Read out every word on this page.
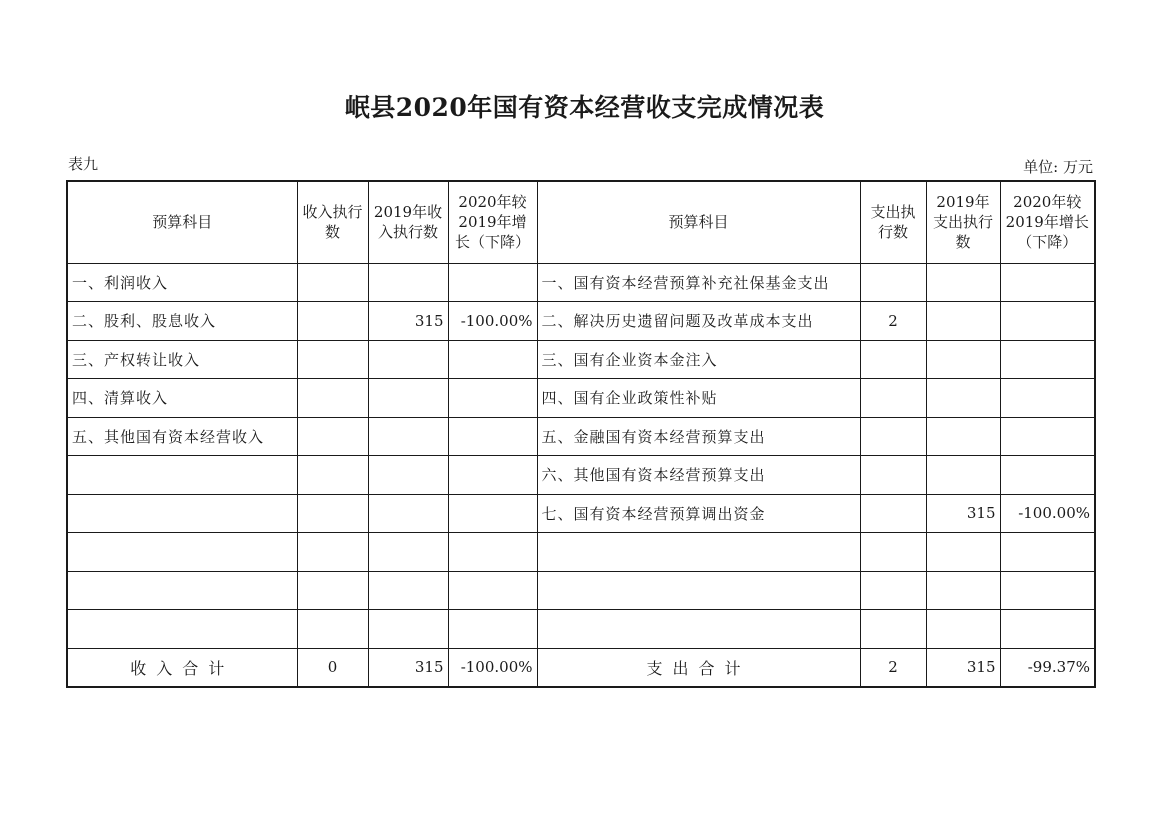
岷县2020年国有资本经营收支完成情况表
表九	单位: 万元
预算科目	收入执行数	2019年收入执行数	2020年较2019年增长（下降）	预算科目	支出执行数	2019年支出执行数	2020年较2019年增长（下降）
一、利润收入				一、国有资本经营预算补充社保基金支出			
二、股利、股息收入		315	-100.00%	二、解决历史遗留问题及改革成本支出	2		
三、产权转让收入				三、国有企业资本金注入			
四、清算收入				四、国有企业政策性补贴			
五、其他国有资本经营收入				五、金融国有资本经营预算支出			
				六、其他国有资本经营预算支出			
				七、国有资本经营预算调出资金		315	-100.00%

收入合计	0	315	-100.00%	支出合计	2	315	-99.37%
